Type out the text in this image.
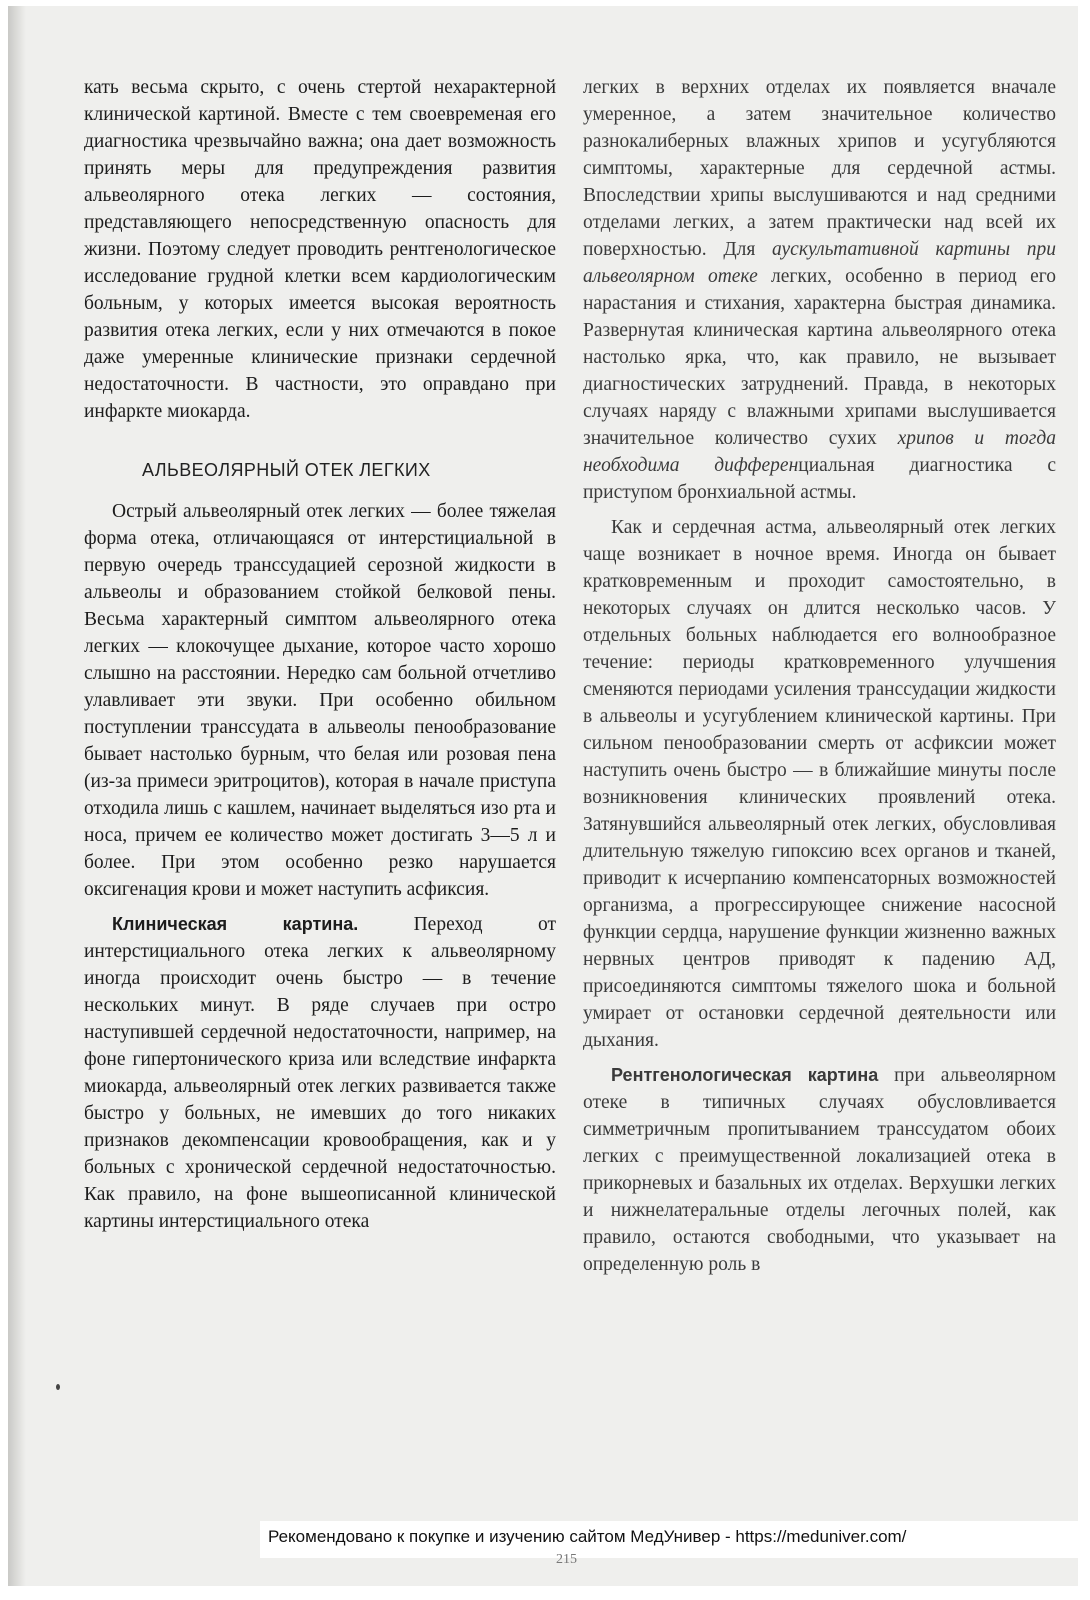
кать весьма скрыто, с очень стертой нехарактерной клинической картиной. Вместе с тем своевременая его диагностика чрезвычайно важна; она дает возможность принять меры для предупреждения развития альвеолярного отека легких — состояния, представляющего непосредственную опасность для жизни. Поэтому следует проводить рентгенологическое исследование грудной клетки всем кардиологическим больным, у которых имеется высокая вероятность развития отека легких, если у них отмечаются в покое даже умеренные клинические признаки сердечной недостаточности. В частности, это оправдано при инфаркте миокарда.

АЛЬВЕОЛЯРНЫЙ ОТЕК ЛЕГКИХ

Острый альвеолярный отек легких — более тяжелая форма отека, отличающаяся от интерстициальной в первую очередь транссудацией серозной жидкости в альвеолы и образованием стойкой белковой пены. Весьма характерный симптом альвеолярного отека легких — клокочущее дыхание, которое часто хорошо слышно на расстоянии. Нередко сам больной отчетливо улавливает эти звуки. При особенно обильном поступлении транссудата в альвеолы пенообразование бывает настолько бурным, что белая или розовая пена (из-за примеси эритроцитов), которая в начале приступа отходила лишь с кашлем, начинает выделяться изо рта и носа, причем ее количество может достигать 3—5 л и более. При этом особенно резко нарушается оксигенация крови и может наступить асфиксия.

Клиническая картина. Переход от интерстициального отека легких к альвеолярному иногда происходит очень быстро — в течение нескольких минут. В ряде случаев при остро наступившей сердечной недостаточности, например, на фоне гипертонического криза или вследствие инфаркта миокарда, альвеолярный отек легких развивается также быстро у больных, не имевших до того никаких признаков декомпенсации кровообращения, как и у больных с хронической сердечной недостаточностью. Как правило, на фоне вышеописанной клинической картины интерстициального отека

легких в верхних отделах их появляется вначале умеренное, а затем значительное количество разнокалиберных влажных хрипов и усугубляются симптомы, характерные для сердечной астмы. Впоследствии хрипы выслушиваются и над средними отделами легких, а затем практически над всей их поверхностью. Для аускультативной картины при альвеолярном отеке легких, особенно в период его нарастания и стихания, характерна быстрая динамика. Развернутая клиническая картина альвеолярного отека настолько ярка, что, как правило, не вызывает диагностических затруднений. Правда, в некоторых случаях наряду с влажными хрипами выслушивается значительное количество сухих хрипов и тогда необходима дифференциальная диагностика с приступом бронхиальной астмы.

Как и сердечная астма, альвеолярный отек легких чаще возникает в ночное время. Иногда он бывает кратковременным и проходит самостоятельно, в некоторых случаях он длится несколько часов. У отдельных больных наблюдается его волнообразное течение: периоды кратковременного улучшения сменяются периодами усиления транссудации жидкости в альвеолы и усугублением клинической картины. При сильном пенообразовании смерть от асфиксии может наступить очень быстро — в ближайшие минуты после возникновения клинических проявлений отека. Затянувшийся альвеолярный отек легких, обусловливая длительную тяжелую гипоксию всех органов и тканей, приводит к исчерпанию компенсаторных возможностей организма, а прогрессирующее снижение насосной функции сердца, нарушение функции жизненно важных нервных центров приводят к падению АД, присоединяются симптомы тяжелого шока и больной умирает от остановки сердечной деятельности или дыхания.

Рентгенологическая картина при альвеолярном отеке в типичных случаях обусловливается симметричным пропитыванием транссудатом обоих легких с преимущественной локализацией отека в прикорневых и базальных их отделах. Верхушки легких и нижнелатеральные отделы легочных полей, как правило, остаются свободными, что указывает на определенную роль в

Рекомендовано к покупке и изучению сайтом МедУнивер - https://meduniver.com/
215
